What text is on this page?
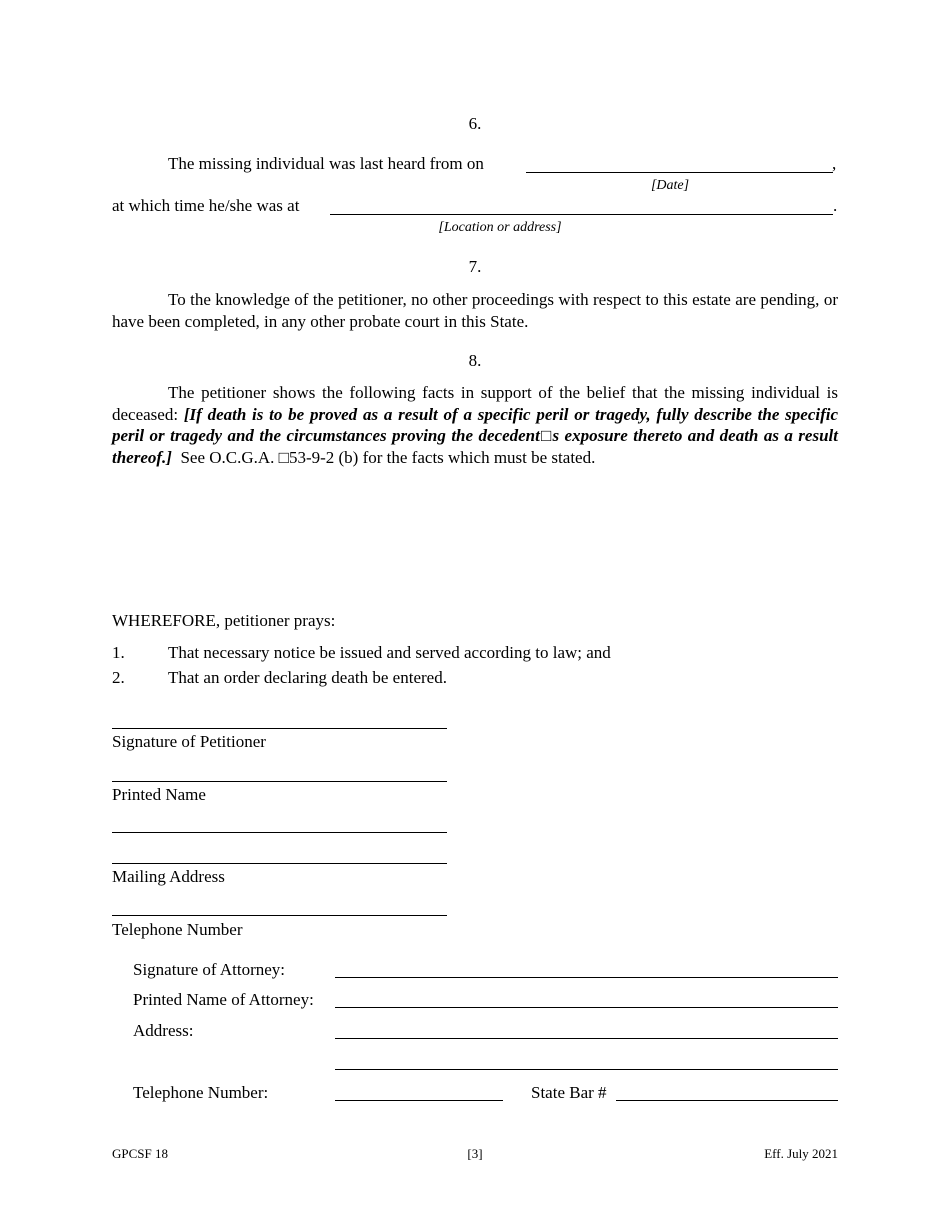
6.
The missing individual was last heard from on	,
[Date]
at which time he/she was at	.
[Location or address]
7.
To the knowledge of the petitioner, no other proceedings with respect to this estate are pending, or have been completed, in any other probate court in this State.
8.
The petitioner shows the following facts in support of the belief that the missing individual is deceased: [If death is to be proved as a result of a specific peril or tragedy, fully describe the specific peril or tragedy and the circumstances proving the decedent□s exposure thereto and death as a result thereof.] See O.C.G.A. □53-9-2 (b) for the facts which must be stated.
WHEREFORE, petitioner prays:
1.	That necessary notice be issued and served according to law; and
2.	That an order declaring death be entered.
Signature of Petitioner
Printed Name
Mailing Address
Telephone Number
Signature of Attorney:
Printed Name of Attorney:
Address:
Telephone Number:	State Bar #
GPCSF 18	[3]	Eff. July 2021
